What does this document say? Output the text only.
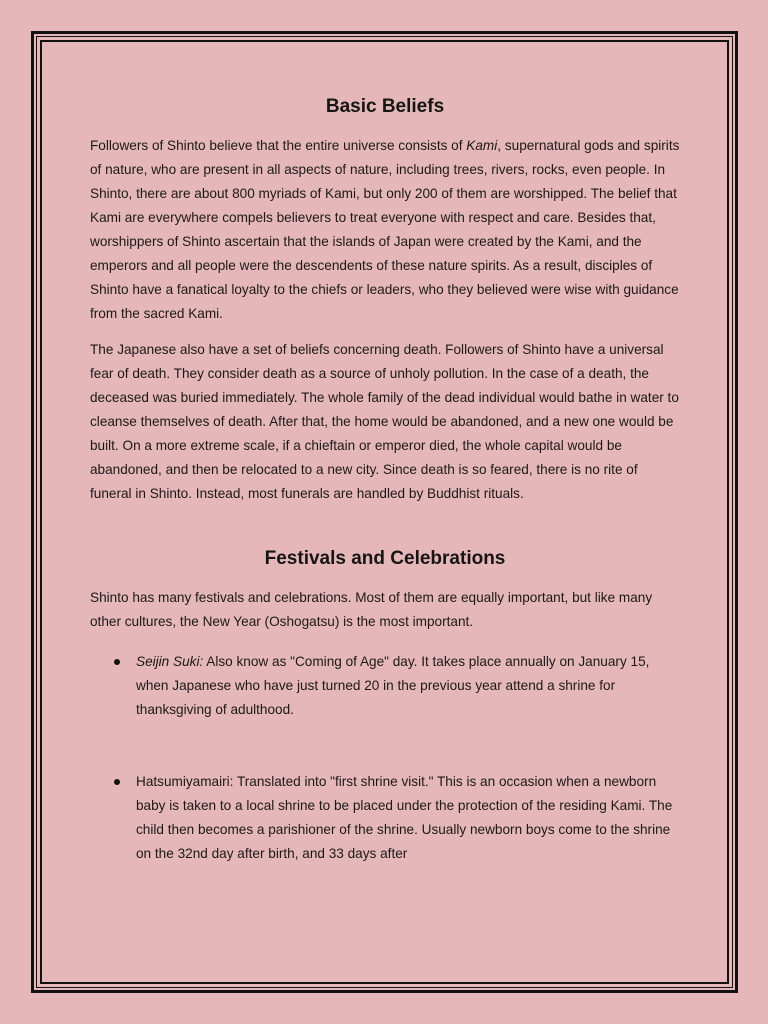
Basic Beliefs

Followers of Shinto believe that the entire universe consists of Kami, supernatural gods and spirits of nature, who are present in all aspects of nature, including trees, rivers, rocks, even people. In Shinto, there are about 800 myriads of Kami, but only 200 of them are worshipped. The belief that Kami are everywhere compels believers to treat everyone with respect and care. Besides that, worshippers of Shinto ascertain that the islands of Japan were created by the Kami, and the emperors and all people were the descendents of these nature spirits. As a result, disciples of Shinto have a fanatical loyalty to the chiefs or leaders, who they believed were wise with guidance from the sacred Kami.

The Japanese also have a set of beliefs concerning death. Followers of Shinto have a universal fear of death. They consider death as a source of unholy pollution. In the case of a death, the deceased was buried immediately. The whole family of the dead individual would bathe in water to cleanse themselves of death. After that, the home would be abandoned, and a new one would be built. On a more extreme scale, if a chieftain or emperor died, the whole capital would be abandoned, and then be relocated to a new city. Since death is so feared, there is no rite of funeral in Shinto. Instead, most funerals are handled by Buddhist rituals.

Festivals and Celebrations

Shinto has many festivals and celebrations. Most of them are equally important, but like many other cultures, the New Year (Oshogatsu) is the most important.

Seijin Suki: Also know as "Coming of Age" day. It takes place annually on January 15, when Japanese who have just turned 20 in the previous year attend a shrine for thanksgiving of adulthood.
Hatsumiyamairi: Translated into "first shrine visit." This is an occasion when a newborn baby is taken to a local shrine to be placed under the protection of the residing Kami. The child then becomes a parishioner of the shrine. Usually newborn boys come to the shrine on the 32nd day after birth, and 33 days after
